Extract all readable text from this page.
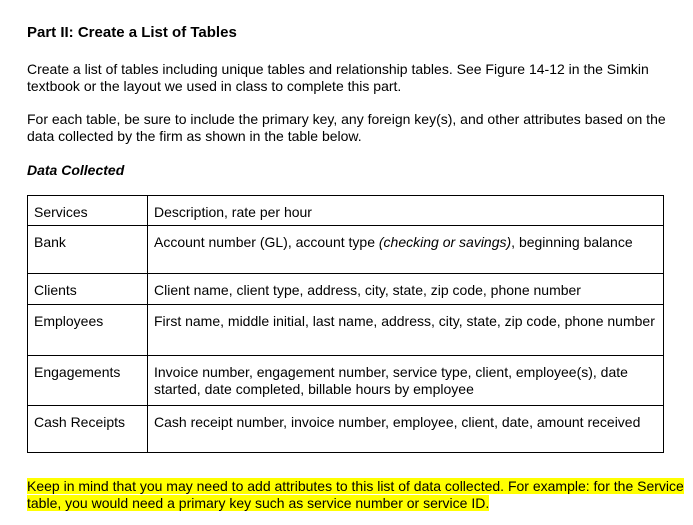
Part II: Create a List of Tables

Create a list of tables including unique tables and relationship tables. See Figure 14-12 in the Simkin textbook or the layout we used in class to complete this part.

For each table, be sure to include the primary key, any foreign key(s), and other attributes based on the data collected by the firm as shown in the table below.

Data Collected

Services	Description, rate per hour
Bank	Account number (GL), account type (checking or savings), beginning balance
Clients	Client name, client type, address, city, state, zip code, phone number
Employees	First name, middle initial, last name, address, city, state, zip code, phone number
Engagements	Invoice number, engagement number, service type, client, employee(s), date started, date completed, billable hours by employee
Cash Receipts	Cash receipt number, invoice number, employee, client, date, amount received

Keep in mind that you may need to add attributes to this list of data collected. For example: for the Service table, you would need a primary key such as service number or service ID.
